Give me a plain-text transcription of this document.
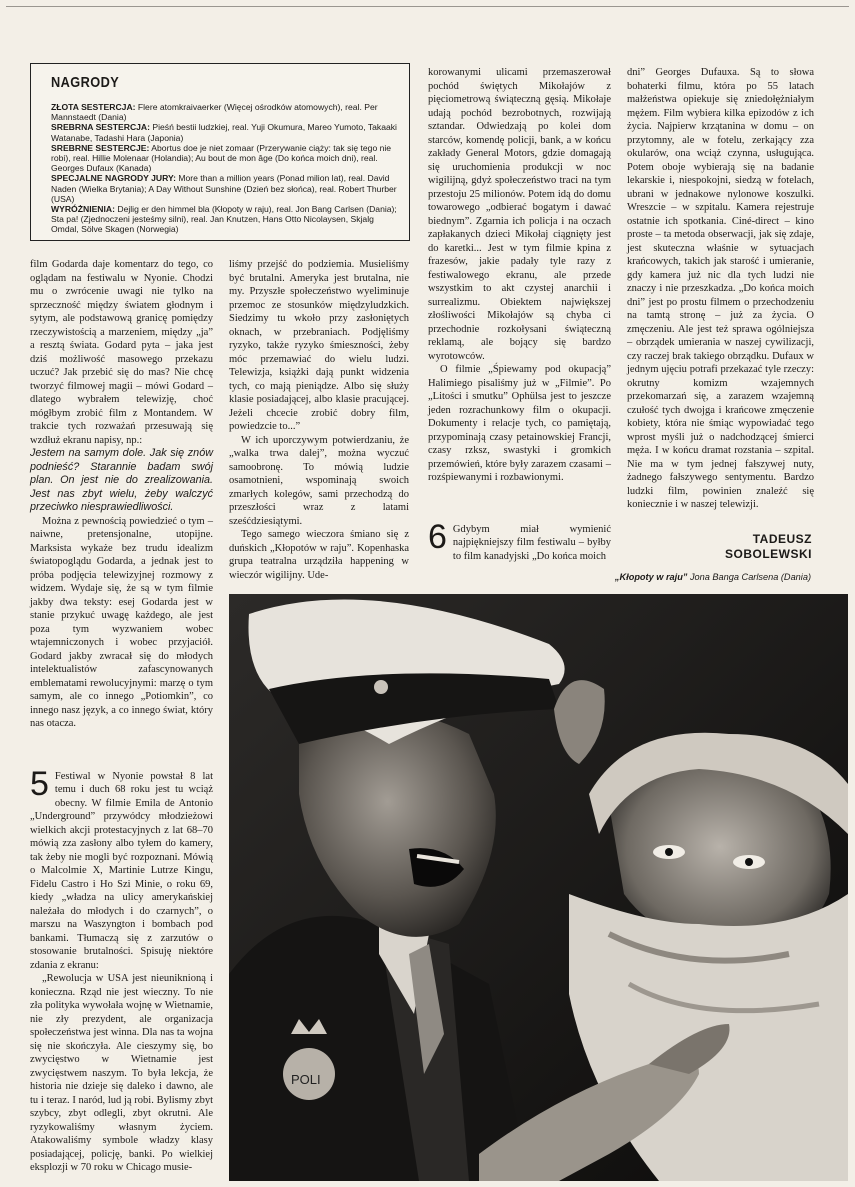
NAGRODY
ZŁOTA SESTERCJA: Flere atomkraivaerker (Więcej ośrodków atomowych), real. Per Mannstaedt (Dania)
SREBRNA SESTERCJA: Pieśń bestii ludzkiej, real. Yuji Okumura, Mareo Yumoto, Takaaki Watanabe, Tadashi Hara (Japonia)
SREBRNE SESTERCJE: Abortus doe je niet zomaar (Przerywanie ciąży: tak się tego nie robi), real. Hillie Molenaar (Holandia); Au bout de mon âge (Do końca moich dni), real. Georges Dufaux (Kanada)
SPECJALNE NAGRODY JURY: More than a million years (Ponad milion lat), real. David Naden (Wielka Brytania); A Day Without Sunshine (Dzień bez słońca), real. Robert Thurber (USA)
WYRÓŻNIENIA: Dejlig er den himmel bla (Kłopoty w raju), real. Jon Bang Carlsen (Dania); Sta pa! (Zjednoczeni jesteśmy silni), real. Jan Knutzen, Hans Otto Nicolaysen, Skjalg Omdal, Sölve Skagen (Norwegia)

film Godarda daje komentarz do tego, co oglądam na festiwalu w Nyonie. Chodzi mu o zwrócenie uwagi nie tylko na sprzeczność między światem głodnym i sytym, ale podstawową granicę pomiędzy rzeczywistością a marzeniem, między „ja” a resztą świata. Godard pyta – jaka jest dziś możliwość masowego przekazu uczuć? Jak przebić się do mas? Nie chcę tworzyć filmowej magii – mówi Godard – dlatego wybrałem telewizję, choć mógłbym zrobić film z Montandem. W trakcie tych rozważań przesuwają się wzdłuż ekranu napisy, np.:

Jestem na samym dole. Jak się znów podnieść? Starannie badam swój plan. On jest nie do zrealizowania. Jest nas zbyt wielu, żeby walczyć przeciwko niesprawiedliwości.

Można z pewnością powiedzieć o tym – naiwne, pretensjonalne, utopijne. Marksista wykaże bez trudu idealizm światopoglądu Godarda, a jednak jest to próba podjęcia telewizyjnej rozmowy z widzem. Wydaje się, że są w tym filmie jakby dwa teksty: esej Godarda jest w stanie przykuć uwagę każdego, ale jest poza tym wyzwaniem wobec wtajemniczonych i wobec przyjaciół. Godard jakby zwracał się do młodych intelektualistów zafascynowanych emblematami rewolucyjnymi: marzę o tym samym, ale co innego „Potiomkin”, co innego nasz język, a co innego świat, który nas otacza.

5 Festiwal w Nyonie powstał 8 lat temu i duch 68 roku jest tu wciąż obecny. W filmie Emila de Antonio „Underground” przywódcy młodzieżowi wielkich akcji protestacyjnych z lat 68–70 mówią zza zasłony albo tyłem do kamery, tak żeby nie mogli być rozpoznani. Mówią o Malcolmie X, Martinie Lutrze Kingu, Fidelu Castro i Ho Szi Minie, o roku 69, kiedy „władza na ulicy amerykańskiej należała do młodych i do czarnych”, o marszu na Waszyngton i bombach pod bankami. Tłumaczą się z zarzutów o stosowanie brutalności. Spisuję niektóre zdania z ekranu:

„Rewolucja w USA jest nieuniknioną i konieczna. Rząd nie jest wieczny. To nie zła polityka wywołała wojnę w Wietnamie, nie zły prezydent, ale organizacja społeczeństwa jest winna. Dla nas ta wojna się nie skończyła. Ale cieszymy się, bo zwycięstwo w Wietnamie jest zwycięstwem naszym. To była lekcja, że historia nie dzieje się daleko i dawno, ale tu i teraz. I naród, lud ją robi. Bylismy zbyt szybcy, zbyt odlegli, zbyt okrutni. Ale ryzykowaliśmy własnym życiem. Atakowaliśmy symbole władzy klasy posiadającej, policję, banki. Po wielkiej eksplozji w 70 roku w Chicago musie-

liśmy przejść do podziemia. Musieliśmy być brutalni. Ameryka jest brutalna, nie my. Przyszłe społeczeństwo wyeliminuje przemoc ze stosunków międzyludzkich. Siedzimy tu wkoło przy zasłoniętych oknach, w przebraniach. Podjęliśmy ryzyko, także ryzyko śmieszności, żeby móc przemawiać do wielu ludzi. Telewizja, książki dają punkt widzenia tych, co mają pieniądze. Albo się służy klasie posiadającej, albo klasie pracującej. Jeżeli chcecie zrobić dobry film, powiedzcie to...”

W ich uporczywym potwierdzaniu, że „walka trwa dalej”, można wyczuć samoobronę. To mówią ludzie osamotnieni, wspominają swoich zmarłych kolegów, sami przechodzą do przeszłości wraz z latami sześćdziesiątymi.

Tego samego wieczora śmiano się z duńskich „Kłopotów w raju”. Kopenhaska grupa teatralna urządziła happening w wieczór wigilijny. Ude-

korowanymi ulicami przemaszerował pochód świętych Mikołajów z pięciometrową świąteczną gęsią. Mikołaje udają pochód bezrobotnych, rozwijają sztandar. Odwiedzają po kolei dom starców, komendę policji, bank, a w końcu zakłady General Motors, gdzie domagają się uruchomienia produkcji w noc wigilijną, gdyż społeczeństwo traci na tym przestoju 25 milionów. Potem idą do domu towarowego „odbierać bogatym i dawać biednym”. Zgarnia ich policja i na oczach zapłakanych dzieci Mikołaj ciągnięty jest do karetki... Jest w tym filmie kpina z frazesów, jakie padały tyle razy z festiwalowego ekranu, ale przede wszystkim to akt czystej anarchii i surrealizmu. Obiektem największej złośliwości Mikołajów są chyba ci przechodnie rozkołysani świąteczną reklamą, ale bojący się bardzo wyrotowców.

O filmie „Śpiewamy pod okupacją” Halimiego pisaliśmy już w „Filmie”. Po „Litości i smutku” Ophülsa jest to jeszcze jeden rozrachunkowy film o okupacji. Dokumenty i relacje tych, co pamiętają, przypominają czasy petainowskiej Francji, czasy rzksz, swastyki i gromkich przemówień, które były zarazem czasami – rozśpiewanymi i rozbawionymi.

6 Gdybym miał wymienić najpiękniejszy film festiwalu – byłby to film kanadyjski „Do końca moich

dni” Georges Dufauxa. Są to słowa bohaterki filmu, która po 55 latach małżeństwa opiekuje się zniedołężniałym mężem. Film wybiera kilka epizodów z ich życia. Najpierw krzątanina w domu – on przytomny, ale w fotelu, zerkający zza okularów, ona wciąż czynna, usługująca. Potem oboje wybierają się na badanie lekarskie i, niespokojni, siedzą w fotelach, ubrani w jednakowe nylonowe koszulki. Wreszcie – w szpitalu. Kamera rejestruje ostatnie ich spotkania. Ciné-direct – kino proste – ta metoda obserwacji, jak się zdaje, jest skuteczna właśnie w sytuacjach krańcowych, takich jak starość i umieranie, gdy kamera już nic dla tych ludzi nie znaczy i nie przeszkadza. „Do końca moich dni” jest po prostu filmem o przechodzeniu na tamtą stronę – już za życia. O zmęczeniu. Ale jest też sprawa ogólniejsza – obrządek umierania w naszej cywilizacji, czy raczej brak takiego obrządku. Dufaux w jednym ujęciu potrafi przekazać tyle rzeczy: okrutny komizm wzajemnych przekomarzań się, a zarazem wzajemną czułość tych dwojga i krańcowe zmęczenie kobiety, która nie śmiąc wypowiadać tego wprost myśli już o nadchodzącej śmierci męża. I w końcu dramat rozstania – szpital. Nie ma w tym jednej fałszywej nuty, żadnego fałszywego sentymentu. Bardzo ludzki film, powinien znaleźć się koniecznie i w naszej telewizji.

TADEUSZ
SOBOLEWSKI
„Kłopoty w raju” Jona Banga Carlsena (Dania)
POLI
